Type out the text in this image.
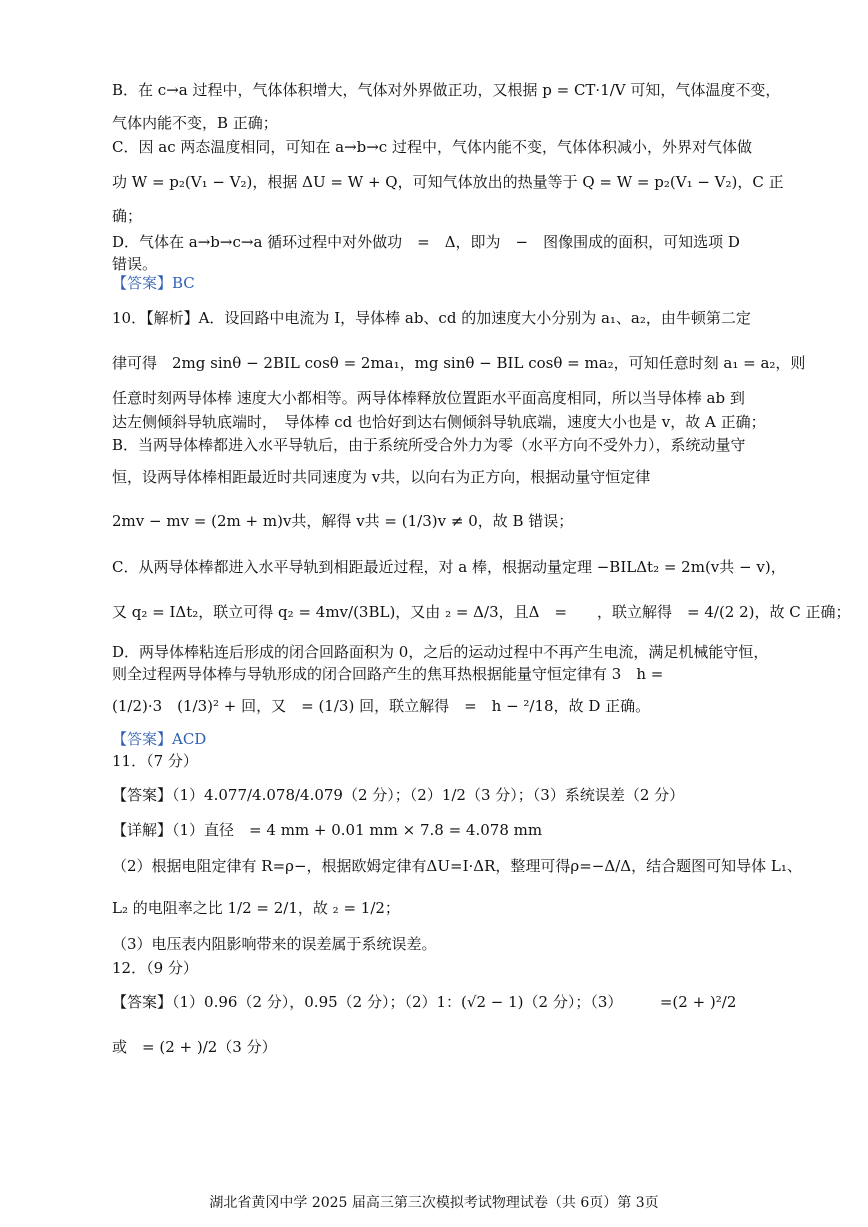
B．在 c→a 过程中，气体体积增大，气体对外界做正功，又根据 p = CT·1/V 可知，气体温度不变，
气体内能不变，B 正确；
C．因 ac 两态温度相同，可知在 a→b→c 过程中，气体内能不变，气体体积减小，外界对气体做
功 W = p₂(V₁ − V₂)，根据 ΔU = W + Q，可知气体放出的热量等于 Q = W = p₂(V₁ − V₂)，C 正
确；
D．气体在 a→b→c→a 循环过程中对外做功　=　Δ，即为　−　图像围成的面积，可知选项 D
错误。
【答案】BC
10．【解析】A．设回路中电流为 I，导体棒 ab、cd 的加速度大小分别为 a₁、a₂，由牛顿第二定
律可得　2mg sinθ − 2BIL cosθ = 2ma₁，mg sinθ − BIL cosθ = ma₂，可知任意时刻 a₁ = a₂，则
任意时刻两导体棒 速度大小都相等。两导体棒释放位置距水平面高度相同，所以当导体棒 ab 到
达左侧倾斜导轨底端时，　导体棒 cd 也恰好到达右侧倾斜导轨底端，速度大小也是 v，故 A 正确；
B．当两导体棒都进入水平导轨后，由于系统所受合外力为零（水平方向不受外力），系统动量守
恒，设两导体棒相距最近时共同速度为 v共，以向右为正方向，根据动量守恒定律
2mv − mv = (2m + m)v共，解得 v共 = (1/3)v ≠ 0，故 B 错误；
C．从两导体棒都进入水平导轨到相距最近过程，对 a 棒，根据动量定理 −BILΔt₂ = 2m(v共 − v)，
又 q₂ = IΔt₂，联立可得 q₂ = 4mv/(3BL)，又由 ₂ = Δ/3，且Δ　=　　，联立解得　= 4/(2 2)，故 C 正确；
D．两导体棒粘连后形成的闭合回路面积为 0，之后的运动过程中不再产生电流，满足机械能守恒，
则全过程两导体棒与导轨形成的闭合回路产生的焦耳热根据能量守恒定律有 3　h =
(1/2)·3　(1/3)² + 回，又　= (1/3) 回，联立解得　=　h − ²/18，故 D 正确。
【答案】ACD
11．（7 分）
【答案】（1）4.077/4.078/4.079（2 分）；（2）1/2（3 分）；（3）系统误差（2 分）
【详解】（1）直径　= 4 mm + 0.01 mm × 7.8 = 4.078 mm
（2）根据电阻定律有 R=ρ−，根据欧姆定律有ΔU=I·ΔR，整理可得ρ=−Δ/Δ，结合题图可知导体 L₁、
L₂ 的电阻率之比 1/2 = 2/1，故 ₂ = 1/2；
（3）电压表内阻影响带来的误差属于系统误差。
12．（9 分）
【答案】（1）0.96（2 分），0.95（2 分）；（2）1：(√2 − 1)（2 分）；（3）　　　=(2 + )²/2
或　= (2 + )/2（3 分）
湖北省黄冈中学 2025 届高三第三次模拟考试物理试卷（共 6页）第 3页
